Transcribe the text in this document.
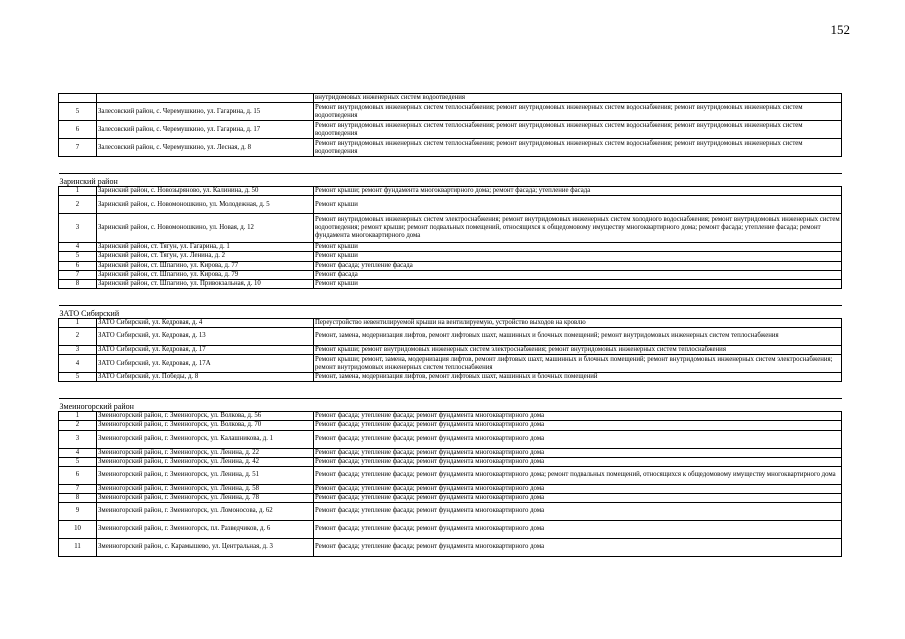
152
		внутридомовых инженерных систем водоотведения
5	Залесовский район, с. Черемушкино, ул. Гагарина, д. 15	Ремонт внутридомовых инженерных систем теплоснабжения; ремонт внутридомовых инженерных систем водоснабжения; ремонт внутридомовых инженерных систем водоотведения
6	Залесовский район, с. Черемушкино, ул. Гагарина, д. 17	Ремонт внутридомовых инженерных систем теплоснабжения; ремонт внутридомовых инженерных систем водоснабжения; ремонт внутридомовых инженерных систем водоотведения
7	Залесовский район, с. Черемушкино, ул. Лесная, д. 8	Ремонт внутридомовых инженерных систем теплоснабжения; ремонт внутридомовых инженерных систем водоснабжения; ремонт внутридомовых инженерных систем водоотведения

Заринский район		
1	Заринский район, с. Новозыряново, ул. Калинина, д. 50	Ремонт крыши; ремонт фундамента многоквартирного дома; ремонт фасада; утепление фасада
2	Заринский район, с. Новомоношкино, ул. Молодежная, д. 5	Ремонт крыши
3	Заринский район, с. Новомоношкино, ул. Новая, д. 12	Ремонт внутридомовых инженерных систем электроснабжения; ремонт внутридомовых инженерных систем холодного водоснабжения; ремонт внутридомовых инженерных систем водоотведения; ремонт крыши; ремонт подвальных помещений, относящихся к общедомовому имуществу многоквартирного дома; ремонт фасада; утепление фасада; ремонт фундамента многоквартирного дома
4	Заринский район, ст. Тягун, ул. Гагарина, д. 1	Ремонт крыши
5	Заринский район, ст. Тягун, ул. Ленина, д. 2	Ремонт крыши
6	Заринский район, ст. Шпагино, ул. Кирова, д. 77	Ремонт фасада; утепление фасада
7	Заринский район, ст. Шпагино, ул. Кирова, д. 79	Ремонт фасада
8	Заринский район, ст. Шпагино, ул. Привокзальная, д. 10	Ремонт крыши

ЗАТО Сибирский		
1	ЗАТО Сибирский, ул. Кедровая, д. 4	Переустройство невентилируемой крыши на вентилируемую, устройство выходов на кровлю
2	ЗАТО Сибирский, ул. Кедровая, д. 13	Ремонт, замена, модернизация лифтов, ремонт лифтовых шахт, машинных и блочных помещений; ремонт внутридомовых инженерных систем теплоснабжения
3	ЗАТО Сибирский, ул. Кедровая, д. 17	Ремонт крыши; ремонт внутридомовых инженерных систем электроснабжения; ремонт внутридомовых инженерных систем теплоснабжения
4	ЗАТО Сибирский, ул. Кедровая, д. 17А	Ремонт крыши; ремонт, замена, модернизация лифтов, ремонт лифтовых шахт, машинных и блочных помещений; ремонт внутридомовых инженерных систем электроснабжения; ремонт внутридомовых инженерных систем теплоснабжения
5	ЗАТО Сибирский, ул. Победы, д. 8	Ремонт, замена, модернизация лифтов, ремонт лифтовых шахт, машинных и блочных помещений

Змеиногорский район		
1	Змеиногорский район, г. Змеиногорск, ул. Волкова, д. 56	Ремонт фасада; утепление фасада; ремонт фундамента многоквартирного дома
2	Змеиногорский район, г. Змеиногорск, ул. Волкова, д. 70	Ремонт фасада; утепление фасада; ремонт фундамента многоквартирного дома
3	Змеиногорский район, г. Змеиногорск, ул. Калашникова, д. 1	Ремонт фасада; утепление фасада; ремонт фундамента многоквартирного дома
4	Змеиногорский район, г. Змеиногорск, ул. Ленина, д. 22	Ремонт фасада; утепление фасада; ремонт фундамента многоквартирного дома
5	Змеиногорский район, г. Змеиногорск, ул. Ленина, д. 42	Ремонт фасада; утепление фасада; ремонт фундамента многоквартирного дома
6	Змеиногорский район, г. Змеиногорск, ул. Ленина, д. 51	Ремонт фасада; утепление фасада; ремонт фундамента многоквартирного дома; ремонт подвальных помещений, относящихся к общедомовому имуществу многоквартирного дома
7	Змеиногорский район, г. Змеиногорск, ул. Ленина, д. 58	Ремонт фасада; утепление фасада; ремонт фундамента многоквартирного дома
8	Змеиногорский район, г. Змеиногорск, ул. Ленина, д. 78	Ремонт фасада; утепление фасада; ремонт фундамента многоквартирного дома
9	Змеиногорский район, г. Змеиногорск, ул. Ломоносова, д. 62	Ремонт фасада; утепление фасада; ремонт фундамента многоквартирного дома
10	Змеиногорский район, г. Змеиногорск, пл. Разведчиков, д. 6	Ремонт фасада; утепление фасада; ремонт фундамента многоквартирного дома
11	Змеиногорский район, с. Карамышево, ул. Центральная, д. 3	Ремонт фасада; утепление фасада; ремонт фундамента многоквартирного дома
